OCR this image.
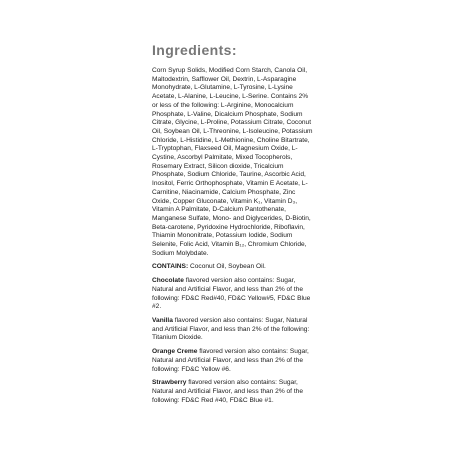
Ingredients:
Corn Syrup Solids, Modified Corn Starch, Canola Oil, Maltodextrin, Safflower Oil, Dextrin, L-Asparagine Monohydrate, L-Glutamine, L-Tyrosine, L-Lysine Acetate, L-Alanine, L-Leucine, L-Serine. Contains 2% or less of the following: L-Arginine, Monocalcium Phosphate, L-Valine, Dicalcium Phosphate, Sodium Citrate, Glycine, L-Proline, Potassium Citrate, Coconut Oil, Soybean Oil, L-Threonine, L-Isoleucine, Potassium Chloride, L-Histidine, L-Methionine, Choline Bitartrate, L-Tryptophan, Flaxseed Oil, Magnesium Oxide, L-Cystine, Ascorbyl Palmitate, Mixed Tocopherols, Rosemary Extract, Silicon dioxide, Tricalcium Phosphate, Sodium Chloride, Taurine, Ascorbic Acid, Inositol, Ferric Orthophosphate, Vitamin E Acetate, L-Carnitine, Niacinamide, Calcium Phosphate, Zinc Oxide, Copper Gluconate, Vitamin K₁, Vitamin D₃, Vitamin A Palmitate, D-Calcium Pantothenate, Manganese Sulfate, Mono- and Diglycerides, D-Biotin, Beta-carotene, Pyridoxine Hydrochloride, Riboflavin, Thiamin Mononitrate, Potassium Iodide, Sodium Selenite, Folic Acid, Vitamin B₁₂, Chromium Chloride, Sodium Molybdate.
CONTAINS: Coconut Oil, Soybean Oil.
Chocolate flavored version also contains: Sugar, Natural and Artificial Flavor, and less than 2% of the following: FD&C Red#40, FD&C Yellow#5, FD&C Blue #2.
Vanilla flavored version also contains: Sugar, Natural and Artificial Flavor, and less than 2% of the following: Titanium Dioxide.
Orange Creme flavored version also contains: Sugar, Natural and Artificial Flavor, and less than 2% of the following: FD&C Yellow #6.
Strawberry flavored version also contains: Sugar, Natural and Artificial Flavor, and less than 2% of the following: FD&C Red #40, FD&C Blue #1.
